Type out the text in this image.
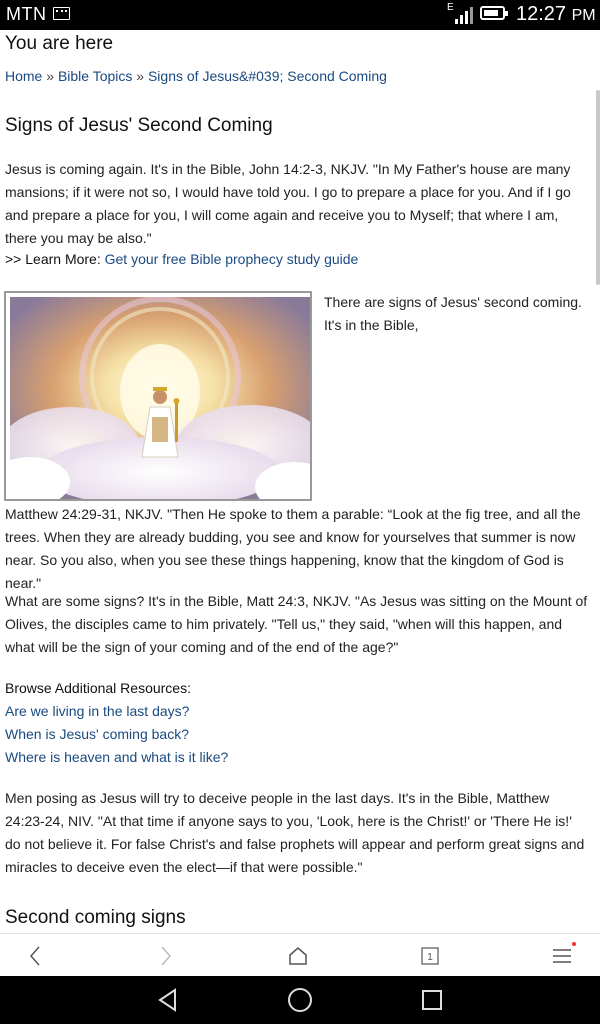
MTN	E	12:27 PM
You are here
Home » Bible Topics » Signs of Jesus&#039; Second Coming
Signs of Jesus' Second Coming
Jesus is coming again. It's in the Bible, John 14:2-3, NKJV. "In My Father's house are many mansions; if it were not so, I would have told you. I go to prepare a place for you. And if I go and prepare a place for you, I will come again and receive you to Myself; that where I am, there you may be also."
>> Learn More: Get your free Bible prophecy study guide
There are signs of Jesus' second coming. It's in the Bible,
Matthew 24:29-31, NKJV. "Then He spoke to them a parable: “Look at the fig tree, and all the trees. When they are already budding, you see and know for yourselves that summer is now near. So you also, when you see these things happening, know that the kingdom of God is near."
What are some signs? It's in the Bible, Matt 24:3, NKJV. "As Jesus was sitting on the Mount of Olives, the disciples came to him privately. "Tell us," they said, "when will this happen, and what will be the sign of your coming and of the end of the age?"
Browse Additional Resources:
Are we living in the last days?
When is Jesus' coming back?
Where is heaven and what is it like?
Men posing as Jesus will try to deceive people in the last days. It's in the Bible, Matthew 24:23-24, NIV. "At that time if anyone says to you, 'Look, here is the Christ!' or 'There He is!' do not believe it. For false Christ's and false prophets will appear and perform great signs and miracles to deceive even the elect—if that were possible."
Second coming signs
1
